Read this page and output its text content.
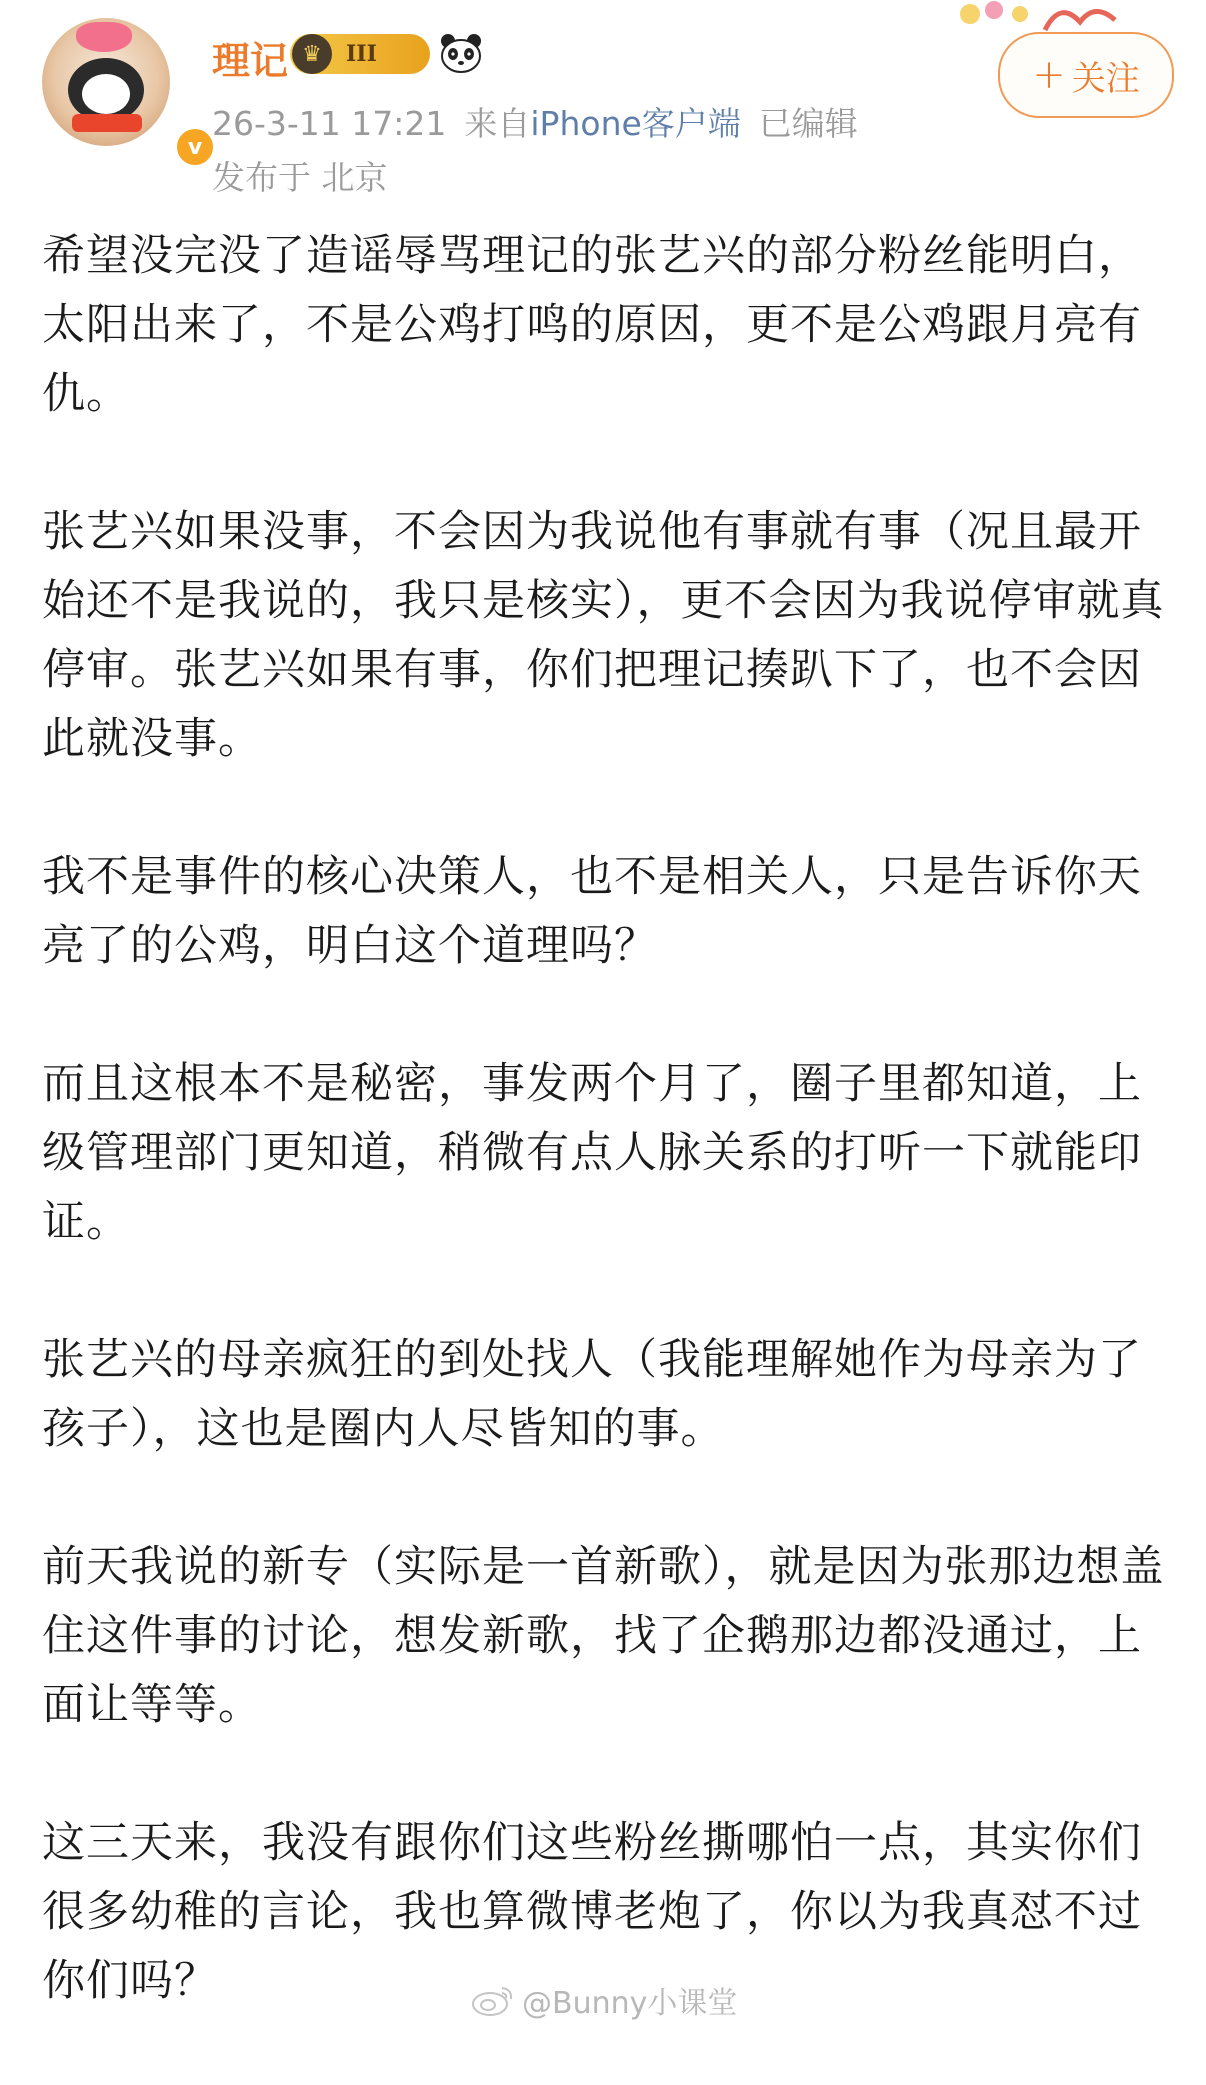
v
理记 ♛	III
26-3-11 17:21 来自iPhone客户端 已编辑
发布于 北京
+ 关注

希望没完没了造谣辱骂理记的张艺兴的部分粉丝能明白，太阳出来了，不是公鸡打鸣的原因，更不是公鸡跟月亮有仇。

张艺兴如果没事，不会因为我说他有事就有事（况且最开始还不是我说的，我只是核实），更不会因为我说停审就真停审。张艺兴如果有事，你们把理记揍趴下了，也不会因此就没事。

我不是事件的核心决策人，也不是相关人，只是告诉你天亮了的公鸡，明白这个道理吗？

而且这根本不是秘密，事发两个月了，圈子里都知道，上级管理部门更知道，稍微有点人脉关系的打听一下就能印证。

张艺兴的母亲疯狂的到处找人（我能理解她作为母亲为了孩子），这也是圈内人尽皆知的事。

前天我说的新专（实际是一首新歌），就是因为张那边想盖住这件事的讨论，想发新歌，找了企鹅那边都没通过，上面让等等。

这三天来，我没有跟你们这些粉丝撕哪怕一点，其实你们很多幼稚的言论，我也算微博老炮了，你以为我真怼不过你们吗？	@Bunny小课堂
